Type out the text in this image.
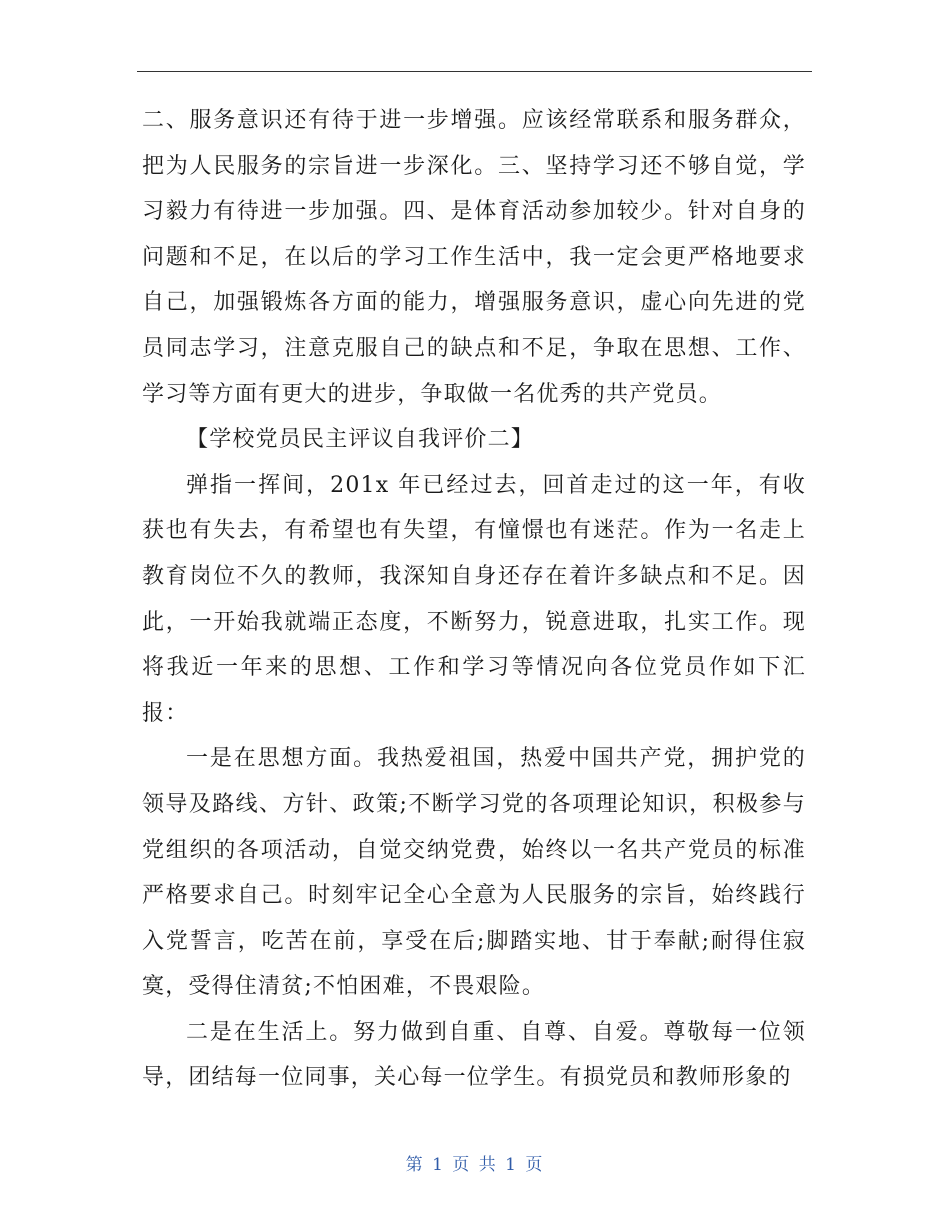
二、服务意识还有待于进一步增强。应该经常联系和服务群众，把为人民服务的宗旨进一步深化。三、坚持学习还不够自觉，学习毅力有待进一步加强。四、是体育活动参加较少。针对自身的问题和不足，在以后的学习工作生活中，我一定会更严格地要求自己，加强锻炼各方面的能力，增强服务意识，虚心向先进的党员同志学习，注意克服自己的缺点和不足，争取在思想、工作、学习等方面有更大的进步，争取做一名优秀的共产党员。

【学校党员民主评议自我评价二】

弹指一挥间，201x 年已经过去，回首走过的这一年，有收获也有失去，有希望也有失望，有憧憬也有迷茫。作为一名走上教育岗位不久的教师，我深知自身还存在着许多缺点和不足。因此，一开始我就端正态度，不断努力，锐意进取，扎实工作。现将我近一年来的思想、工作和学习等情况向各位党员作如下汇报：

一是在思想方面。我热爱祖国，热爱中国共产党，拥护党的领导及路线、方针、政策;不断学习党的各项理论知识，积极参与党组织的各项活动，自觉交纳党费，始终以一名共产党员的标准严格要求自己。时刻牢记全心全意为人民服务的宗旨，始终践行入党誓言，吃苦在前，享受在后;脚踏实地、甘于奉献;耐得住寂寞，受得住清贫;不怕困难，不畏艰险。

二是在生活上。努力做到自重、自尊、自爱。尊敬每一位领导，团结每一位同事，关心每一位学生。有损党员和教师形象的

第 1 页 共 1 页
